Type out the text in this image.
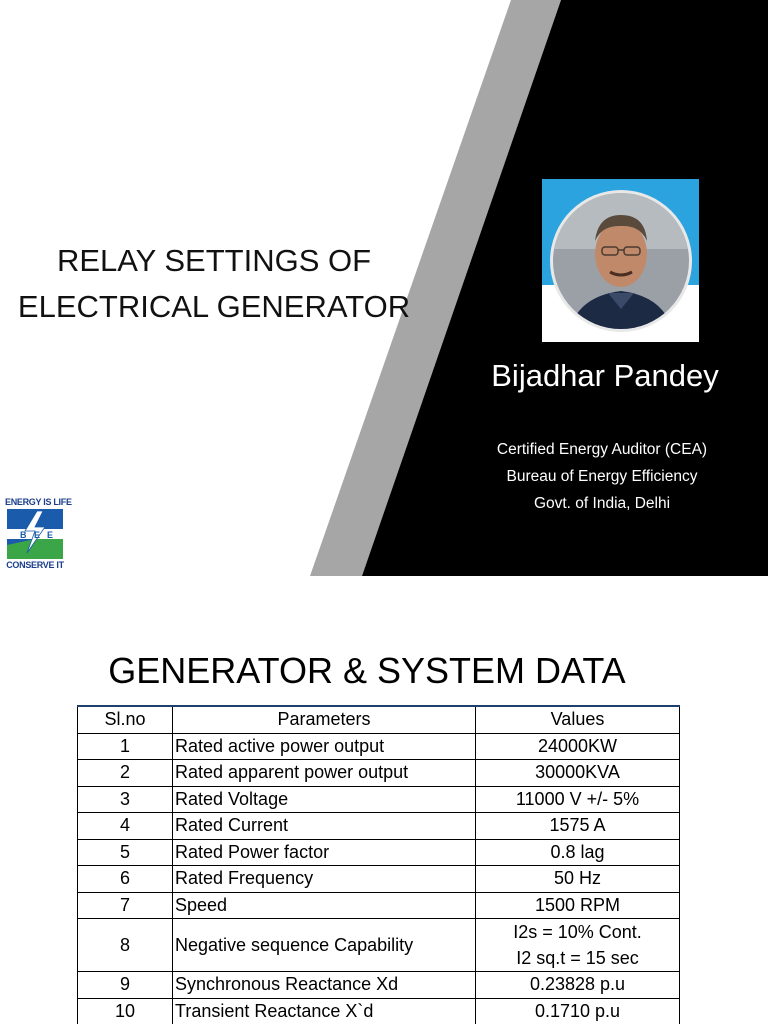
RELAY SETTINGS OF
ELECTRICAL GENERATOR
Bijadhar Pandey
Certified Energy Auditor (CEA)
Bureau of Energy Efficiency
Govt. of India, Delhi
ENERGY IS LIFE
B E E
CONSERVE IT
GENERATOR & SYSTEM DATA
Sl.no	Parameters	Values
1	Rated active power output	24000KW
2	Rated apparent power output	30000KVA
3	Rated Voltage	11000 V +/- 5%
4	Rated Current	1575 A
5	Rated Power factor	0.8 lag
6	Rated Frequency	50 Hz
7	Speed	1500 RPM
8	Negative sequence Capability	I2s = 10% Cont.
I2 sq.t = 15 sec

9	Synchronous Reactance Xd	0.23828 p.u
10	Transient Reactance X`d	0.1710 p.u
